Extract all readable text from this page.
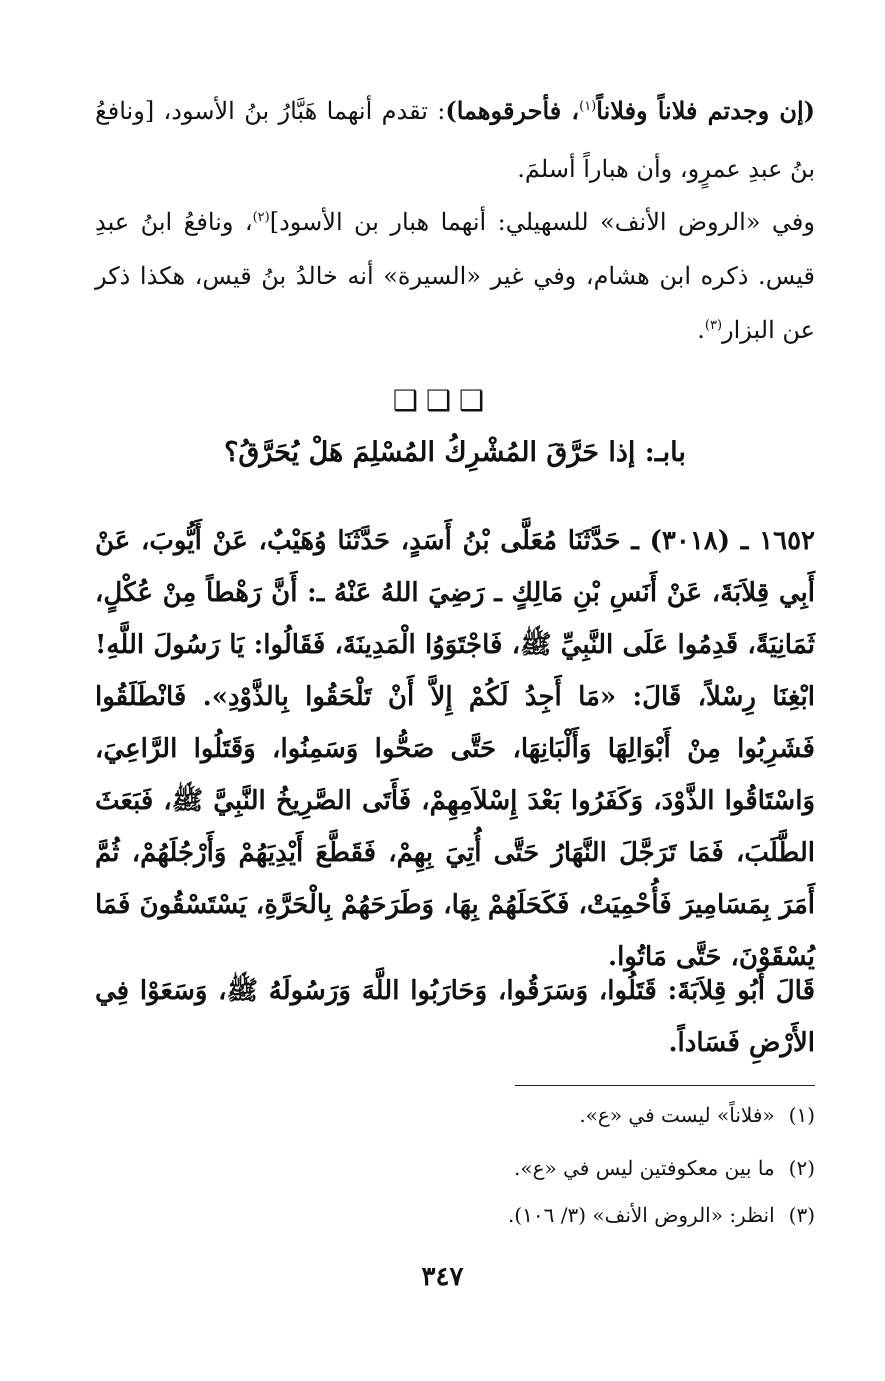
(إن وجدتم فلاناً وفلاناً$^{(١)}$، فأحرقوهما): تقدم أنهما هَبَّارُ بنُ الأسود، [ونافعُ بنُ عبدِ عمرٍو، وأن هباراً أسلمَ.
وفي «الروض الأنف» للسهيلي: أنهما هبار بن الأسود]$^{(٢)}$، ونافعُ ابنُ عبدِ قيس. ذكره ابن هشام، وفي غير «السيرة» أنه خالدُ بنُ قيس، هكذا ذكر عن البزار$^{(٣)}$.
❑❑❑
بابـ: إذا حَرَّقَ المُشْرِكُ المُسْلِمَ هَلْ يُحَرَّقُ؟
١٦٥٢ ـ (٣٠١٨) ـ حَدَّثَنَا مُعَلَّى بْنُ أَسَدٍ، حَدَّثَنَا وُهَيْبٌ، عَنْ أَيُّوبَ، عَنْ أَبِي قِلاَبَةَ، عَنْ أَنَسِ بْنِ مَالِكٍ ـ رَضِيَ اللهُ عَنْهُ ـ: أَنَّ رَهْطاً مِنْ عُكْلٍ، ثَمَانِيَةً، قَدِمُوا عَلَى النَّبِيِّ ﷺ، فَاجْتَوَوُا الْمَدِينَةَ، فَقَالُوا: يَا رَسُولَ اللَّهِ! ابْغِنَا رِسْلاً، قَالَ: «مَا أَجِدُ لَكُمْ إِلاَّ أَنْ تَلْحَقُوا بِالذَّوْدِ». فَانْطَلَقُوا فَشَرِبُوا مِنْ أَبْوَالِهَا وَأَلْبَانِهَا، حَتَّى صَحُّوا وَسَمِنُوا، وَقَتَلُوا الرَّاعِيَ، وَاسْتَاقُوا الذَّوْدَ، وَكَفَرُوا بَعْدَ إِسْلاَمِهِمْ، فَأَتَى الصَّرِيخُ النَّبِيَّ ﷺ، فَبَعَثَ الطَّلَبَ، فَمَا تَرَجَّلَ النَّهَارُ حَتَّى أُتِيَ بِهِمْ، فَقَطَّعَ أَيْدِيَهُمْ وَأَرْجُلَهُمْ، ثُمَّ أَمَرَ بِمَسَامِيرَ فَأُحْمِيَتْ، فَكَحَلَهُمْ بِهَا، وَطَرَحَهُمْ بِالْحَرَّةِ، يَسْتَسْقُونَ فَمَا يُسْقَوْنَ، حَتَّى مَاتُوا.
قَالَ أَبُو قِلاَبَةَ: قَتَلُوا، وَسَرَقُوا، وَحَارَبُوا اللَّهَ وَرَسُولَهُ ﷺ، وَسَعَوْا فِي الأَرْضِ فَسَاداً.
(١)«فلاناً» ليست في «ع».
(٢)ما بين معكوفتين ليس في «ع».
(٣)انظر: «الروض الأنف» (٣/ ١٠٦).
٣٤٧
